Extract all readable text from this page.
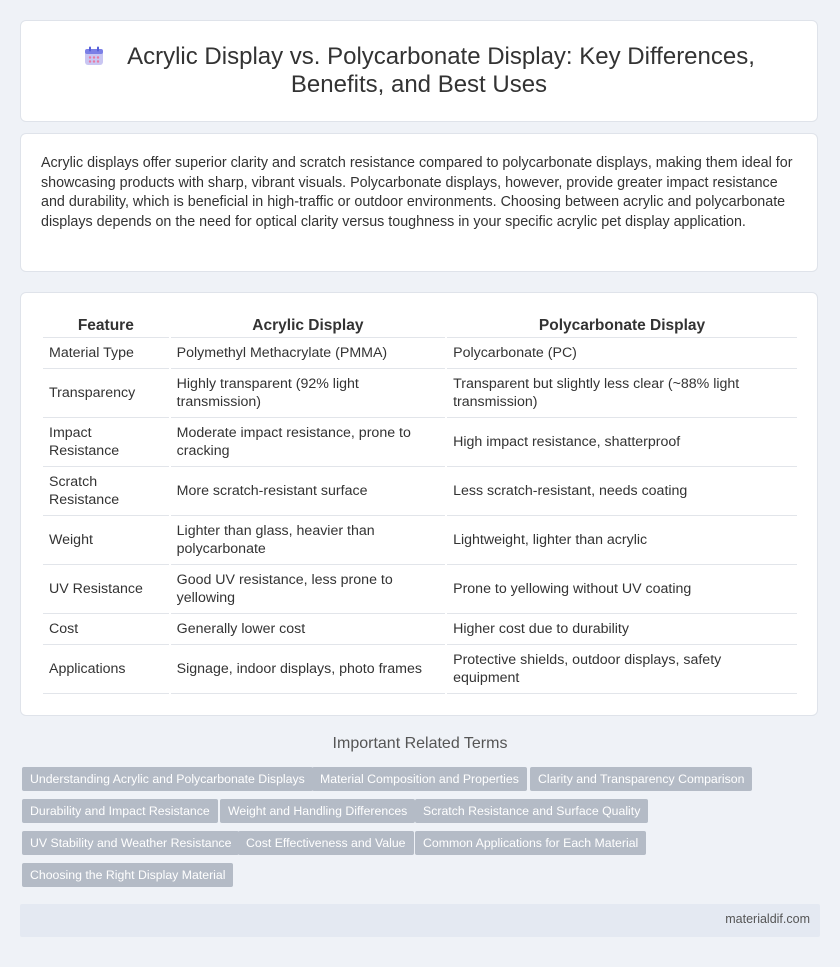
Acrylic Display vs. Polycarbonate Display: Key Differences,
Benefits, and Best Uses
Acrylic displays offer superior clarity and scratch resistance compared to polycarbonate displays, making them ideal for showcasing products with sharp, vibrant visuals. Polycarbonate displays, however, provide greater impact resistance and durability, which is beneficial in high-traffic or outdoor environments. Choosing between acrylic and polycarbonate displays depends on the need for optical clarity versus toughness in your specific acrylic pet display application.
Feature	Acrylic Display	Polycarbonate Display
Material Type	Polymethyl Methacrylate (PMMA)	Polycarbonate (PC)
Transparency	Highly transparent (92% light transmission)	Transparent but slightly less clear (~88% light transmission)
Impact Resistance	Moderate impact resistance, prone to cracking	High impact resistance, shatterproof
Scratch Resistance	More scratch-resistant surface	Less scratch-resistant, needs coating
Weight	Lighter than glass, heavier than polycarbonate	Lightweight, lighter than acrylic
UV Resistance	Good UV resistance, less prone to yellowing	Prone to yellowing without UV coating
Cost	Generally lower cost	Higher cost due to durability
Applications	Signage, indoor displays, photo frames	Protective shields, outdoor displays, safety equipment
Important Related Terms
Understanding Acrylic and Polycarbonate Displays	Material Composition and Properties	Clarity and Transparency Comparison
Durability and Impact Resistance	Weight and Handling Differences	Scratch Resistance and Surface Quality
UV Stability and Weather Resistance	Cost Effectiveness and Value	Common Applications for Each Material
Choosing the Right Display Material
materialdif.com
